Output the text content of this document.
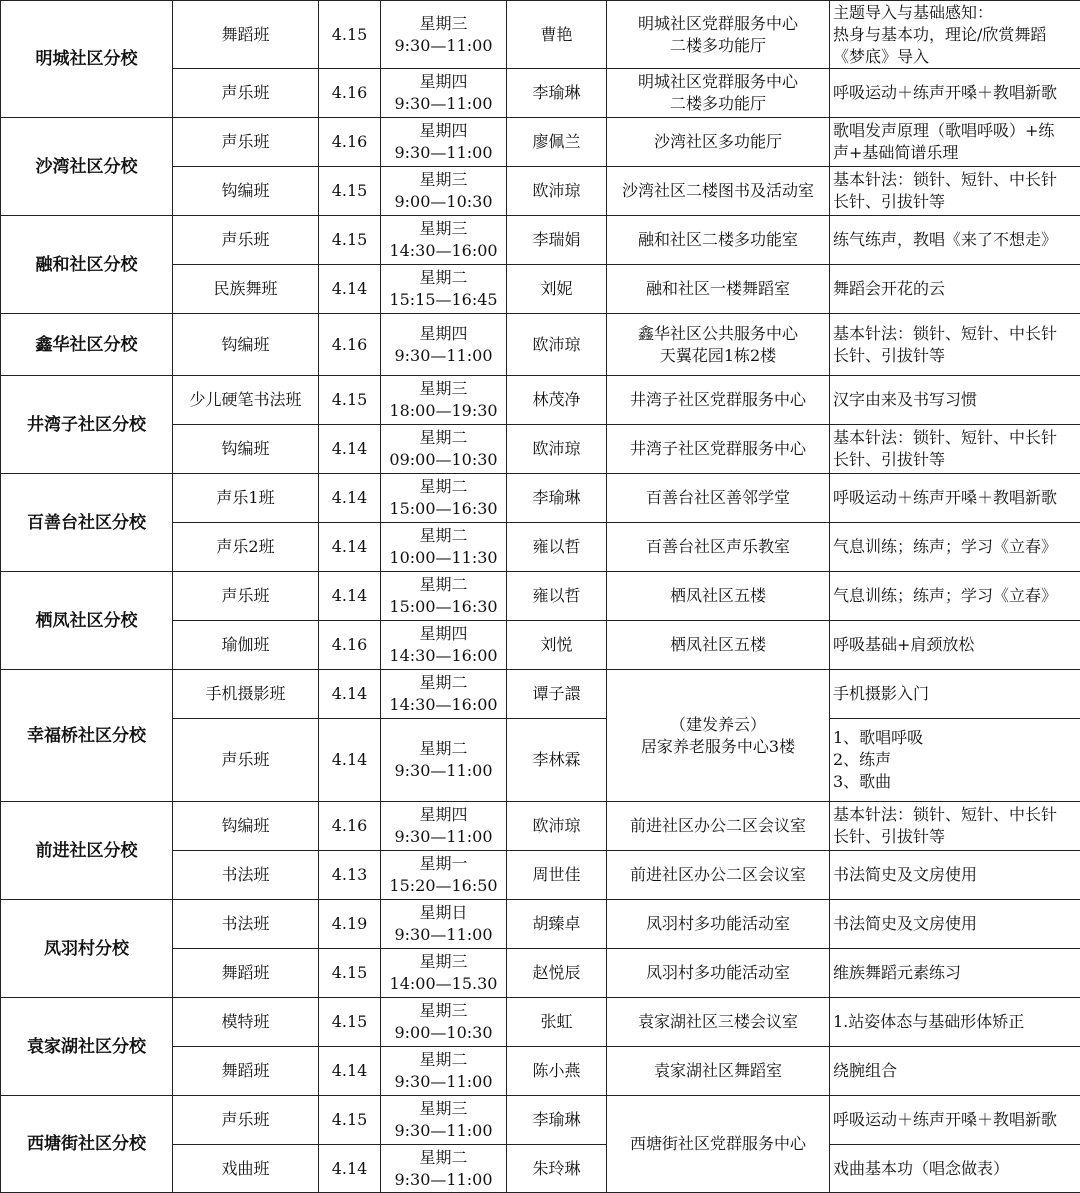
明城社区分校	舞蹈班	4.15	星期三
9:30—11:00	曹艳	明城社区党群服务中心
二楼多功能厅	主题导入与基础感知：
热身与基本功，理论/欣赏舞蹈
《梦底》导入

	声乐班	4.16	星期四
9:30—11:00	李瑜琳	明城社区党群服务中心
二楼多功能厅	呼吸运动＋练声开嗓＋教唱新歌

沙湾社区分校	声乐班	4.16	星期四
9:30—11:00	廖佩兰	沙湾社区多功能厅	歌唱发声原理（歌唱呼吸）+练
声+基础简谱乐理

	钩编班	4.15	星期三
9:00—10:30	欧沛琼	沙湾社区二楼图书及活动室	基本针法：锁针、短针、中长针
长针、引拔针等

融和社区分校	声乐班	4.15	星期三
14:30—16:00	李瑞娟	融和社区二楼多功能室	练气练声，教唱《来了不想走》

	民族舞班	4.14	星期二
15:15—16:45	刘妮	融和社区一楼舞蹈室	舞蹈会开花的云

鑫华社区分校	钩编班	4.16	星期四
9:30—11:00	欧沛琼	鑫华社区公共服务中心
天翼花园1栋2楼	基本针法：锁针、短针、中长针
长针、引拔针等

井湾子社区分校	少儿硬笔书法班	4.15	星期三
18:00—19:30	林茂净	井湾子社区党群服务中心	汉字由来及书写习惯

	钩编班	4.14	星期二
09:00—10:30	欧沛琼	井湾子社区党群服务中心	基本针法：锁针、短针、中长针
长针、引拔针等

百善台社区分校	声乐1班	4.14	星期二
15:00—16:30	李瑜琳	百善台社区善邻学堂	呼吸运动＋练声开嗓＋教唱新歌

	声乐2班	4.14	星期二
10:00—11:30	雍以哲	百善台社区声乐教室	气息训练；练声；学习《立春》

栖凤社区分校	声乐班	4.14	星期二
15:00—16:30	雍以哲	栖凤社区五楼	气息训练；练声；学习《立春》

	瑜伽班	4.16	星期四
14:30—16:00	刘悦	栖凤社区五楼	呼吸基础+肩颈放松

幸福桥社区分校	手机摄影班	4.14	星期二
14:30—16:00	谭子譞	（建发养云）
居家养老服务中心3楼	手机摄影入门

	声乐班	4.14	星期二
9:30—11:00	李林霖		1、歌唱呼吸
2、练声
3、歌曲

前进社区分校	钩编班	4.16	星期四
9:30—11:00	欧沛琼	前进社区办公二区会议室	基本针法：锁针、短针、中长针
长针、引拔针等

	书法班	4.13	星期一
15:20—16:50	周世佳	前进社区办公二区会议室	书法简史及文房使用

凤羽村分校	书法班	4.19	星期日
9:30—11:00	胡臻卓	凤羽村多功能活动室	书法简史及文房使用

	舞蹈班	4.15	星期三
14:00—15.30	赵悦辰	凤羽村多功能活动室	维族舞蹈元素练习

袁家湖社区分校	模特班	4.15	星期三
9:00—10:30	张虹	袁家湖社区三楼会议室	1.站姿体态与基础形体矫正

	舞蹈班	4.14	星期二
9:30—11:00	陈小燕	袁家湖社区舞蹈室	绕腕组合

西塘街社区分校	声乐班	4.15	星期三
9:30—11:00	李瑜琳	西塘街社区党群服务中心	呼吸运动＋练声开嗓＋教唱新歌

	戏曲班	4.14	星期二
9:30—11:00	朱玲琳		戏曲基本功（唱念做表）
